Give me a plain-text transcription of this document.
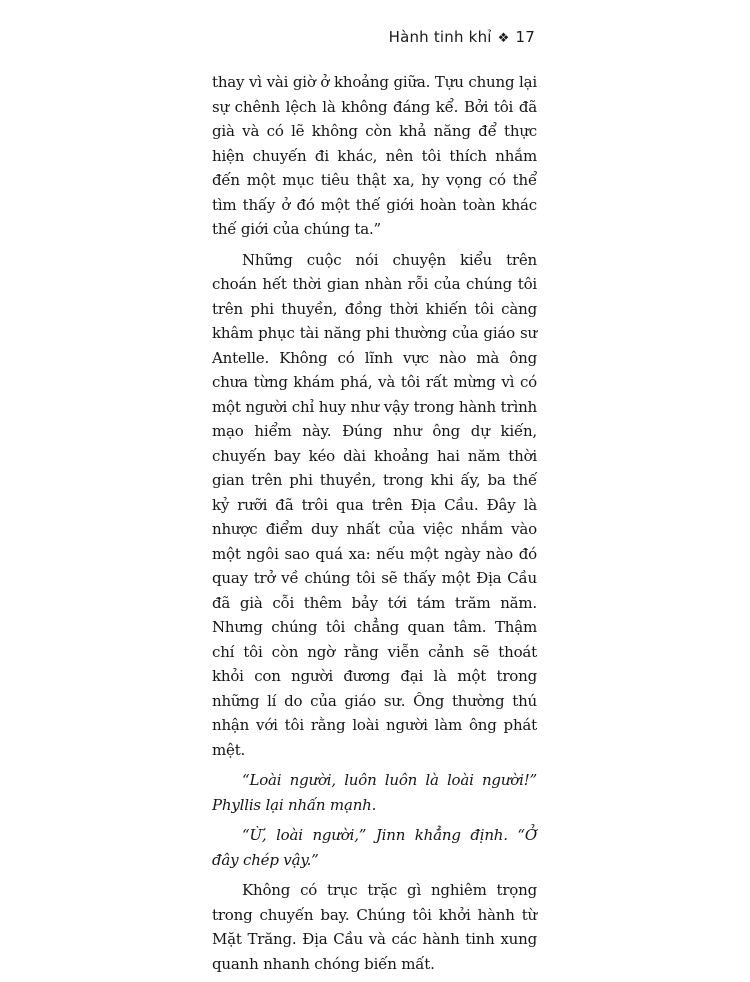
Hành tinh khỉ ❖ 17

thay vì vài giờ ở khoảng giữa. Tựu chung lại sự chênh lệch là không đáng kể. Bởi tôi đã già và có lẽ không còn khả năng để thực hiện chuyến đi khác, nên tôi thích nhắm đến một mục tiêu thật xa, hy vọng có thể tìm thấy ở đó một thế giới hoàn toàn khác thế giới của chúng ta.”

Những cuộc nói chuyện kiểu trên choán hết thời gian nhàn rỗi của chúng tôi trên phi thuyền, đồng thời khiến tôi càng khâm phục tài năng phi thường của giáo sư Antelle. Không có lĩnh vực nào mà ông chưa từng khám phá, và tôi rất mừng vì có một người chỉ huy như vậy trong hành trình mạo hiểm này. Đúng như ông dự kiến, chuyến bay kéo dài khoảng hai năm thời gian trên phi thuyền, trong khi ấy, ba thế kỷ rưỡi đã trôi qua trên Địa Cầu. Đây là nhược điểm duy nhất của việc nhắm vào một ngôi sao quá xa: nếu một ngày nào đó quay trở về chúng tôi sẽ thấy một Địa Cầu đã già cỗi thêm bảy tới tám trăm năm. Nhưng chúng tôi chẳng quan tâm. Thậm chí tôi còn ngờ rằng viễn cảnh sẽ thoát khỏi con người đương đại là một trong những lí do của giáo sư. Ông thường thú nhận với tôi rằng loài người làm ông phát mệt.

“Loài người, luôn luôn là loài người!” Phyllis lại nhấn mạnh.

“Ừ, loài người,” Jinn khẳng định. “Ở đây chép vậy.”

Không có trục trặc gì nghiêm trọng trong chuyến bay. Chúng tôi khởi hành từ Mặt Trăng. Địa Cầu và các hành tinh xung quanh nhanh chóng biến mất.
